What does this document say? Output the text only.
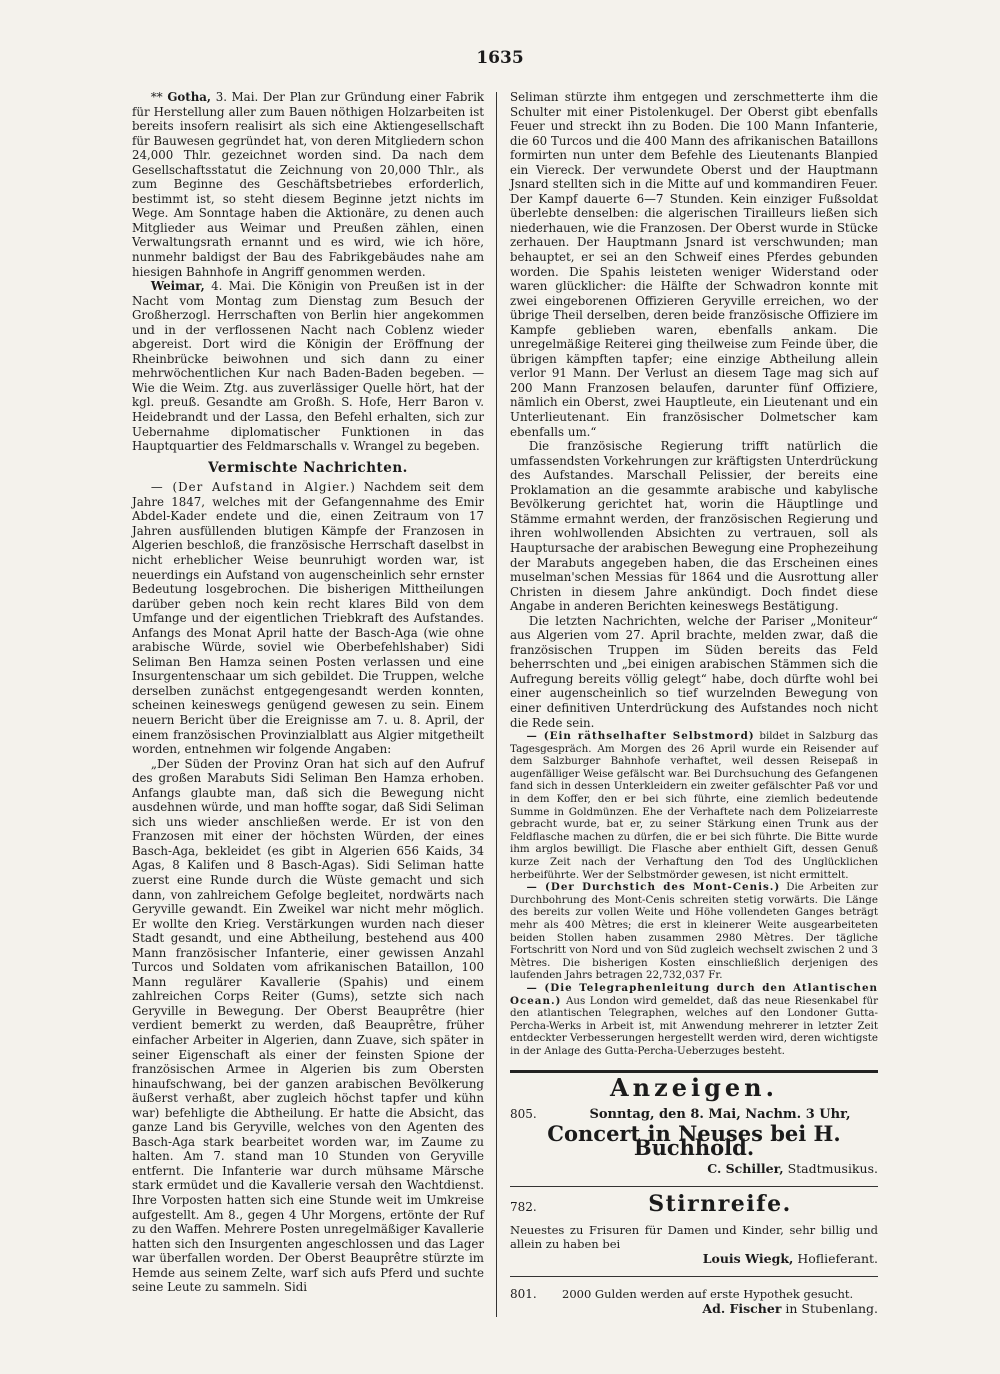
1635

** Gotha, 3. Mai. Der Plan zur Gründung einer Fabrik für Herstellung aller zum Bauen nöthigen Holzarbeiten ist bereits insofern realisirt als sich eine Aktiengesellschaft für Bauwesen gegründet hat, von deren Mitgliedern schon 24,000 Thlr. gezeichnet worden sind. Da nach dem Gesellschaftsstatut die Zeichnung von 20,000 Thlr., als zum Beginne des Geschäftsbetriebes erforderlich, bestimmt ist, so steht diesem Beginne jetzt nichts im Wege. Am Sonntage haben die Aktionäre, zu denen auch Mitglieder aus Weimar und Preußen zählen, einen Verwaltungsrath ernannt und es wird, wie ich höre, nunmehr baldigst der Bau des Fabrikgebäudes nahe am hiesigen Bahnhofe in Angriff genommen werden.

Weimar, 4. Mai. Die Königin von Preußen ist in der Nacht vom Montag zum Dienstag zum Besuch der Großherzogl. Herrschaften von Berlin hier angekommen und in der verflossenen Nacht nach Coblenz wieder abgereist. Dort wird die Königin der Eröffnung der Rheinbrücke beiwohnen und sich dann zu einer mehrwöchentlichen Kur nach Baden-Baden begeben. — Wie die Weim. Ztg. aus zuverlässiger Quelle hört, hat der kgl. preuß. Gesandte am Großh. S. Hofe, Herr Baron v. Heidebrandt und der Lassa, den Befehl erhalten, sich zur Uebernahme diplomatischer Funktionen in das Hauptquartier des Feldmarschalls v. Wrangel zu begeben.

Vermischte Nachrichten.

— (Der Aufstand in Algier.) Nachdem seit dem Jahre 1847, welches mit der Gefangennahme des Emir Abdel-Kader endete und die, einen Zeitraum von 17 Jahren ausfüllenden blutigen Kämpfe der Franzosen in Algerien beschloß, die französische Herrschaft daselbst in nicht erheblicher Weise beunruhigt worden war, ist neuerdings ein Aufstand von augenscheinlich sehr ernster Bedeutung losgebrochen. Die bisherigen Mittheilungen darüber geben noch kein recht klares Bild von dem Umfange und der eigentlichen Triebkraft des Aufstandes. Anfangs des Monat April hatte der Basch-Aga (wie ohne arabische Würde, soviel wie Oberbefehlshaber) Sidi Seliman Ben Hamza seinen Posten verlassen und eine Insurgentenschaar um sich gebildet. Die Truppen, welche derselben zunächst entgegengesandt werden konnten, scheinen keineswegs genügend gewesen zu sein. Einem neuern Bericht über die Ereignisse am 7. u. 8. April, der einem französischen Provinzialblatt aus Algier mitgetheilt worden, entnehmen wir folgende Angaben:

„Der Süden der Provinz Oran hat sich auf den Aufruf des großen Marabuts Sidi Seliman Ben Hamza erhoben. Anfangs glaubte man, daß sich die Bewegung nicht ausdehnen würde, und man hoffte sogar, daß Sidi Seliman sich uns wieder anschließen werde. Er ist von den Franzosen mit einer der höchsten Würden, der eines Basch-Aga, bekleidet (es gibt in Algerien 656 Kaids, 34 Agas, 8 Kalifen und 8 Basch-Agas). Sidi Seliman hatte zuerst eine Runde durch die Wüste gemacht und sich dann, von zahlreichem Gefolge begleitet, nordwärts nach Geryville gewandt. Ein Zweikel war nicht mehr möglich. Er wollte den Krieg. Verstärkungen wurden nach dieser Stadt gesandt, und eine Abtheilung, bestehend aus 400 Mann französischer Infanterie, einer gewissen Anzahl Turcos und Soldaten vom afrikanischen Bataillon, 100 Mann regulärer Kavallerie (Spahis) und einem zahlreichen Corps Reiter (Gums), setzte sich nach Geryville in Bewegung. Der Oberst Beauprêtre (hier verdient bemerkt zu werden, daß Beauprêtre, früher einfacher Arbeiter in Algerien, dann Zuave, sich später in seiner Eigenschaft als einer der feinsten Spione der französischen Armee in Algerien bis zum Obersten hinaufschwang, bei der ganzen arabischen Bevölkerung äußerst verhaßt, aber zugleich höchst tapfer und kühn war) befehligte die Abtheilung. Er hatte die Absicht, das ganze Land bis Geryville, welches von den Agenten des Basch-Aga stark bearbeitet worden war, im Zaume zu halten. Am 7. stand man 10 Stunden von Geryville entfernt. Die Infanterie war durch mühsame Märsche stark ermüdet und die Kavallerie versah den Wachtdienst. Ihre Vorposten hatten sich eine Stunde weit im Umkreise aufgestellt. Am 8., gegen 4 Uhr Morgens, ertönte der Ruf zu den Waffen. Mehrere Posten unregelmäßiger Kavallerie hatten sich den Insurgenten angeschlossen und das Lager war überfallen worden. Der Oberst Beauprêtre stürzte im Hemde aus seinem Zelte, warf sich aufs Pferd und suchte seine Leute zu sammeln. Sidi

Seliman stürzte ihm entgegen und zerschmetterte ihm die Schulter mit einer Pistolenkugel. Der Oberst gibt ebenfalls Feuer und streckt ihn zu Boden. Die 100 Mann Infanterie, die 60 Turcos und die 400 Mann des afrikanischen Bataillons formirten nun unter dem Befehle des Lieutenants Blanpied ein Viereck. Der verwundete Oberst und der Hauptmann Jsnard stellten sich in die Mitte auf und kommandiren Feuer. Der Kampf dauerte 6—7 Stunden. Kein einziger Fußsoldat überlebte denselben: die algerischen Tirailleurs ließen sich niederhauen, wie die Franzosen. Der Oberst wurde in Stücke zerhauen. Der Hauptmann Jsnard ist verschwunden; man behauptet, er sei an den Schweif eines Pferdes gebunden worden. Die Spahis leisteten weniger Widerstand oder waren glücklicher: die Hälfte der Schwadron konnte mit zwei eingeborenen Offizieren Geryville erreichen, wo der übrige Theil derselben, deren beide französische Offiziere im Kampfe geblieben waren, ebenfalls ankam. Die unregelmäßige Reiterei ging theilweise zum Feinde über, die übrigen kämpften tapfer; eine einzige Abtheilung allein verlor 91 Mann. Der Verlust an diesem Tage mag sich auf 200 Mann Franzosen belaufen, darunter fünf Offiziere, nämlich ein Oberst, zwei Hauptleute, ein Lieutenant und ein Unterlieutenant. Ein französischer Dolmetscher kam ebenfalls um.“

Die französische Regierung trifft natürlich die umfassendsten Vorkehrungen zur kräftigsten Unterdrückung des Aufstandes. Marschall Pelissier, der bereits eine Proklamation an die gesammte arabische und kabylische Bevölkerung gerichtet hat, worin die Häuptlinge und Stämme ermahnt werden, der französischen Regierung und ihren wohlwollenden Absichten zu vertrauen, soll als Hauptursache der arabischen Bewegung eine Prophezeihung der Marabuts angegeben haben, die das Erscheinen eines muselman'schen Messias für 1864 und die Ausrottung aller Christen in diesem Jahre ankündigt. Doch findet diese Angabe in anderen Berichten keineswegs Bestätigung.

Die letzten Nachrichten, welche der Pariser „Moniteur“ aus Algerien vom 27. April brachte, melden zwar, daß die französischen Truppen im Süden bereits das Feld beherrschten und „bei einigen arabischen Stämmen sich die Aufregung bereits völlig gelegt“ habe, doch dürfte wohl bei einer augenscheinlich so tief wurzelnden Bewegung von einer definitiven Unterdrückung des Aufstandes noch nicht die Rede sein.

— (Ein räthselhafter Selbstmord) bildet in Salzburg das Tagesgespräch. Am Morgen des 26 April wurde ein Reisender auf dem Salzburger Bahnhofe verhaftet, weil dessen Reisepaß in augenfälliger Weise gefälscht war. Bei Durchsuchung des Gefangenen fand sich in dessen Unterkleidern ein zweiter gefälschter Paß vor und in dem Koffer, den er bei sich führte, eine ziemlich bedeutende Summe in Goldmünzen. Ehe der Verhaftete nach dem Polizeiarreste gebracht wurde, bat er, zu seiner Stärkung einen Trunk aus der Feldflasche machen zu dürfen, die er bei sich führte. Die Bitte wurde ihm arglos bewilligt. Die Flasche aber enthielt Gift, dessen Genuß kurze Zeit nach der Verhaftung den Tod des Unglücklichen herbeiführte. Wer der Selbstmörder gewesen, ist nicht ermittelt.

— (Der Durchstich des Mont-Cenis.) Die Arbeiten zur Durchbohrung des Mont-Cenis schreiten stetig vorwärts. Die Länge des bereits zur vollen Weite und Höhe vollendeten Ganges beträgt mehr als 400 Mètres; die erst in kleinerer Weite ausgearbeiteten beiden Stollen haben zusammen 2980 Mètres. Der tägliche Fortschritt von Nord und von Süd zugleich wechselt zwischen 2 und 3 Mètres. Die bisherigen Kosten einschließlich derjenigen des laufenden Jahrs betragen 22,732,037 Fr.

— (Die Telegraphenleitung durch den Atlantischen Ocean.) Aus London wird gemeldet, daß das neue Riesenkabel für den atlantischen Telegraphen, welches auf den Londoner Gutta-Percha-Werks in Arbeit ist, mit Anwendung mehrerer in letzter Zeit entdeckter Verbesserungen hergestellt werden wird, deren wichtigste in der Anlage des Gutta-Percha-Ueberzuges besteht.

Anzeigen.
805.	Sonntag, den 8. Mai, Nachm. 3 Uhr,
Concert in Neuses bei H. Buchhold.
C. Schiller, Stadtmusikus.
782.	Stirnreife.
Neuestes zu Frisuren für Damen und Kinder, sehr billig und allein zu haben bei
Louis Wiegk, Hoflieferant.
801.	2000 Gulden werden auf erste Hypothek gesucht.
Ad. Fischer in Stubenlang.
